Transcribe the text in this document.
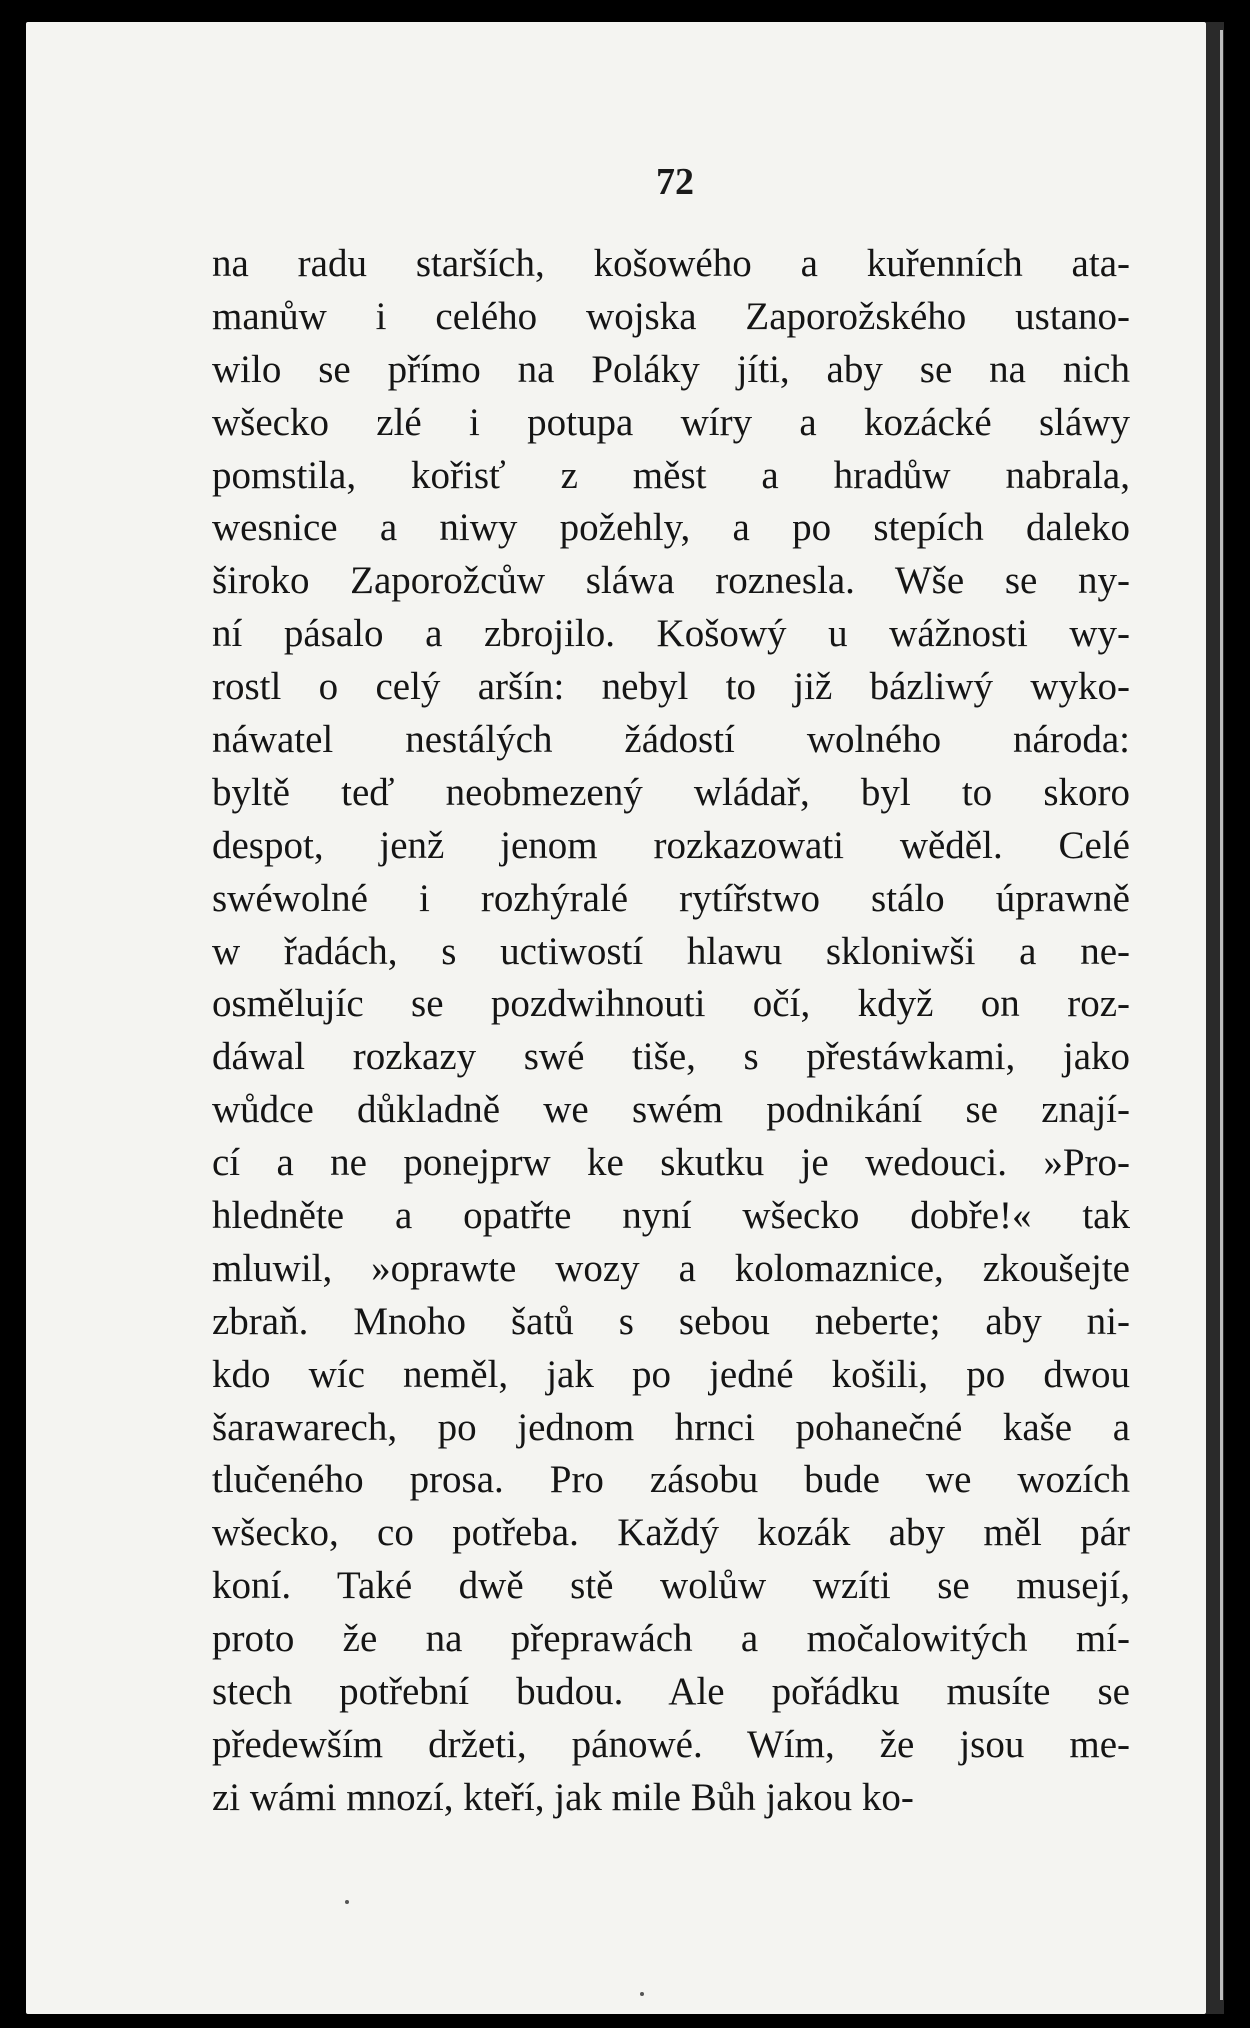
72
na radu starších, košowého a kuřenních ata-
manůw i celého wojska Zaporožského ustano-
wilo se přímo na Poláky jíti, aby se na nich
wšecko zlé i potupa wíry a kozácké sláwy
pomstila, kořisť z měst a hradůw nabrala,
wesnice a niwy požehly, a po stepích daleko
široko Zaporožcůw sláwa roznesla. Wše se ny-
ní pásalo a zbrojilo. Košowý u wážnosti wy-
rostl o celý aršín: nebyl to již bázliwý wyko-
náwatel nestálých žádostí wolného národa:
byltě teď neobmezený wládař, byl to skoro
despot, jenž jenom rozkazowati wěděl. Celé
swéwolné i rozhýralé rytířstwo stálo úprawně
w řadách, s uctiwostí hlawu skloniwši a ne-
osmělujíc se pozdwihnouti očí, když on roz-
dáwal rozkazy swé tiše, s přestáwkami, jako
wůdce důkladně we swém podnikání se znají-
cí a ne ponejprw ke skutku je wedouci. »Pro-
hledněte a opatřte nyní wšecko dobře!« tak
mluwil, »oprawte wozy a kolomaznice, zkoušejte
zbraň. Mnoho šatů s sebou neberte; aby ni-
kdo wíc neměl, jak po jedné košili, po dwou
šarawarech, po jednom hrnci pohanečné kaše a
tlučeného prosa. Pro zásobu bude we wozích
wšecko, co potřeba. Každý kozák aby měl pár
koní. Také dwě stě wolůw wzíti se musejí,
proto že na přeprawách a močalowitých mí-
stech potřební budou. Ale pořádku musíte se
předewším držeti, pánowé. Wím, že jsou me-
zi wámi mnozí, kteří, jak mile Bůh jakou ko-
